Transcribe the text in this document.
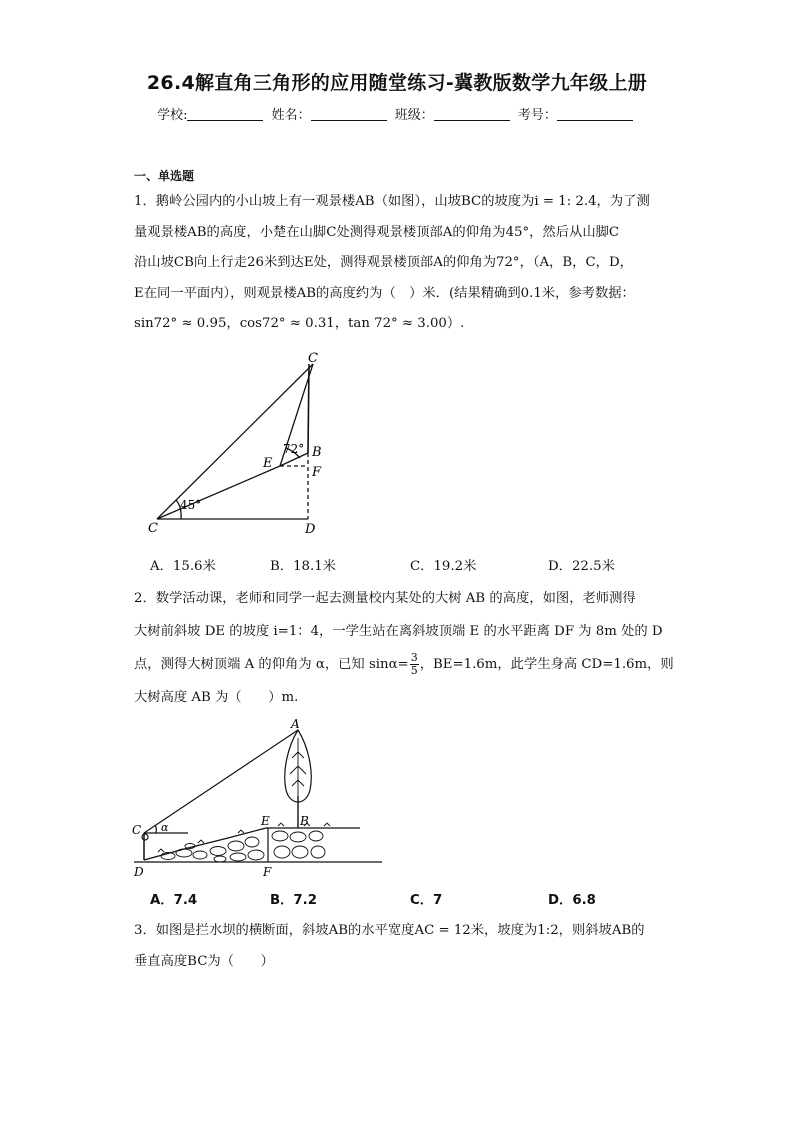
26.4解直角三角形的应用随堂练习-冀教版数学九年级上册
学校:	姓名：	班级：	考号：
一、单选题
1．鹅岭公园内的小山坡上有一观景楼AB（如图），山坡BC的坡度为i = 1: 2.4，为了测
量观景楼AB的高度，小楚在山脚C处测得观景楼顶部A的仰角为45°，然后从山脚C
沿山坡CB向上行走26米到达E处，测得观景楼顶部A的仰角为72°，（A，B，C，D，
E在同一平面内），则观景楼AB的高度约为（　）米．(结果精确到0.1米，参考数据：
sin72° ≈ 0.95，cos72° ≈ 0.31，tan 72° ≈ 3.00）.
C
B
E
F
C	D
72°
45°
A．15.6米	B．18.1米	C．19.2米	D．22.5米
2．数学活动课，老师和同学一起去测量校内某处的大树 AB 的高度，如图，老师测得
大树前斜坡 DE 的坡度 i=1：4，一学生站在离斜坡顶端 E 的水平距离 DF 为 8m 处的 D
点，测得大树顶端 A 的仰角为 α，已知 $\sin\alpha= \frac{3}{5}$ ，BE=1.6m，此学生身高 CD=1.6m，则
大树高度 AB 为（　　）m.
A
C α	E	B
D	F
A．7.4	B．7.2	C．7	D．6.8
3．如图是拦水坝的横断面，斜坡AB的水平宽度AC = 12米，坡度为1:2，则斜坡AB的
垂直高度BC为（　　）
